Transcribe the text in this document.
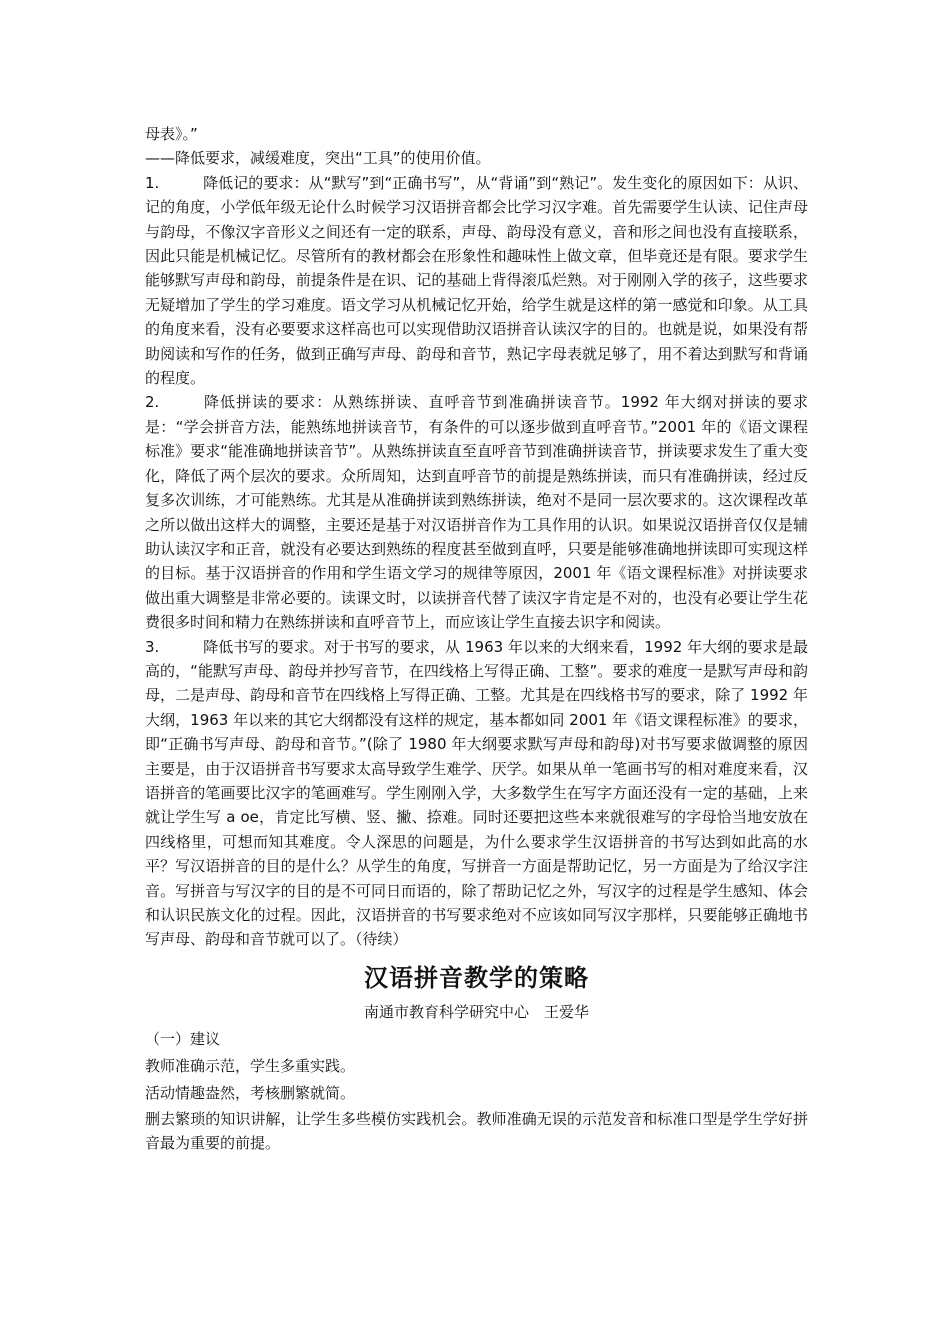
母表》。”

——降低要求，减缓难度，突出“工具”的使用价值。

1.	降低记的要求：从“默写”到“正确书写”，从“背诵”到“熟记”。发生变化的原因如下：从识、记的角度，小学低年级无论什么时候学习汉语拼音都会比学习汉字难。首先需要学生认读、记住声母与韵母，不像汉字音形义之间还有一定的联系，声母、韵母没有意义，音和形之间也没有直接联系，因此只能是机械记忆。尽管所有的教材都会在形象性和趣味性上做文章，但毕竟还是有限。要求学生能够默写声母和韵母，前提条件是在识、记的基础上背得滚瓜烂熟。对于刚刚入学的孩子，这些要求无疑增加了学生的学习难度。语文学习从机械记忆开始，给学生就是这样的第一感觉和印象。从工具的角度来看，没有必要要求这样高也可以实现借助汉语拼音认读汉字的目的。也就是说，如果没有帮助阅读和写作的任务，做到正确写声母、韵母和音节，熟记字母表就足够了，用不着达到默写和背诵的程度。

2.	降低拼读的要求：从熟练拼读、直呼音节到准确拼读音节。1992 年大纲对拼读的要求是：“学会拼音方法，能熟练地拼读音节，有条件的可以逐步做到直呼音节。”2001 年的《语文课程标准》要求“能准确地拼读音节”。从熟练拼读直至直呼音节到准确拼读音节，拼读要求发生了重大变化，降低了两个层次的要求。众所周知，达到直呼音节的前提是熟练拼读，而只有准确拼读，经过反复多次训练，才可能熟练。尤其是从准确拼读到熟练拼读，绝对不是同一层次要求的。这次课程改革之所以做出这样大的调整，主要还是基于对汉语拼音作为工具作用的认识。如果说汉语拼音仅仅是辅助认读汉字和正音，就没有必要达到熟练的程度甚至做到直呼，只要是能够准确地拼读即可实现这样的目标。基于汉语拼音的作用和学生语文学习的规律等原因，2001 年《语文课程标准》对拼读要求做出重大调整是非常必要的。读课文时，以读拼音代替了读汉字肯定是不对的，也没有必要让学生花费很多时间和精力在熟练拼读和直呼音节上，而应该让学生直接去识字和阅读。

3.	降低书写的要求。对于书写的要求，从 1963 年以来的大纲来看，1992 年大纲的要求是最高的，“能默写声母、韵母并抄写音节，在四线格上写得正确、工整”。要求的难度一是默写声母和韵母，二是声母、韵母和音节在四线格上写得正确、工整。尤其是在四线格书写的要求，除了 1992 年大纲，1963 年以来的其它大纲都没有这样的规定，基本都如同 2001 年《语文课程标准》的要求，即“正确书写声母、韵母和音节。”(除了 1980 年大纲要求默写声母和韵母)对书写要求做调整的原因主要是，由于汉语拼音书写要求太高导致学生难学、厌学。如果从单一笔画书写的相对难度来看，汉语拼音的笔画要比汉字的笔画难写。学生刚刚入学，大多数学生在写字方面还没有一定的基础，上来就让学生写 a oe，肯定比写横、竖、撇、捺难。同时还要把这些本来就很难写的字母恰当地安放在四线格里，可想而知其难度。令人深思的问题是，为什么要求学生汉语拼音的书写达到如此高的水平？写汉语拼音的目的是什么？从学生的角度，写拼音一方面是帮助记忆，另一方面是为了给汉字注音。写拼音与写汉字的目的是不可同日而语的，除了帮助记忆之外，写汉字的过程是学生感知、体会和认识民族文化的过程。因此，汉语拼音的书写要求绝对不应该如同写汉字那样，只要能够正确地书写声母、韵母和音节就可以了。（待续）

汉语拼音教学的策略
南通市教育科学研究中心　王爱华

（一）建议

教师准确示范，学生多重实践。

活动情趣盎然，考核删繁就简。

删去繁琐的知识讲解，让学生多些模仿实践机会。教师准确无误的示范发音和标准口型是学生学好拼音最为重要的前提。
